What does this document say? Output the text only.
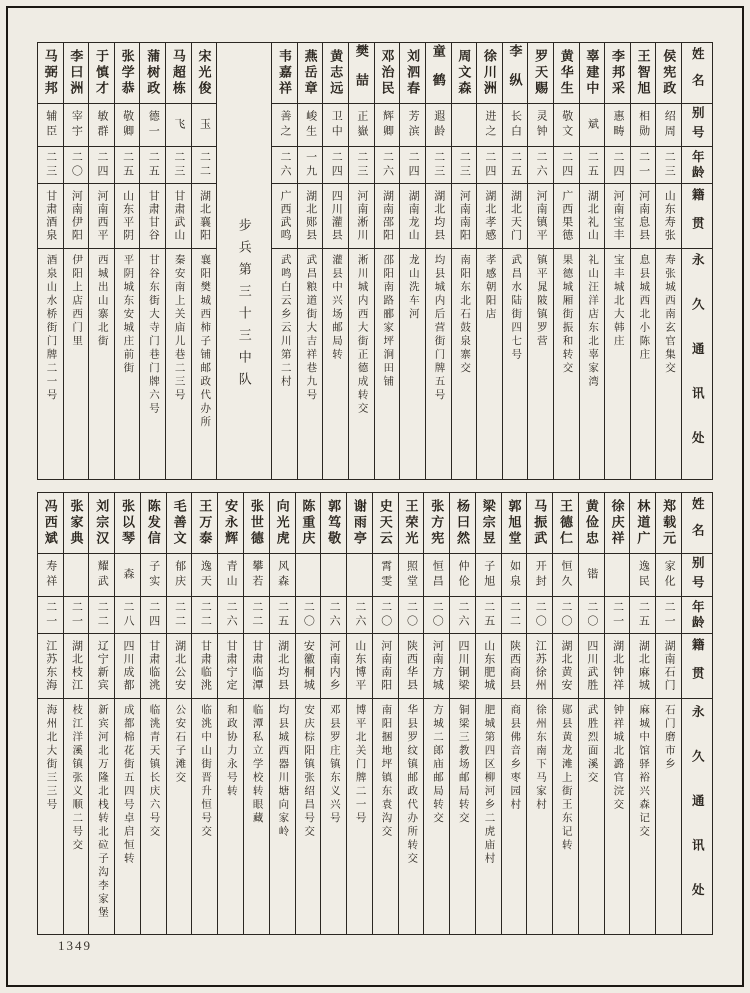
姓名
别号
年龄
籍贯
永久通讯处
侯宪政
绍周
二三
山东寿张
寿张城西南玄官集交
王智旭
相勋
二一
河南息县
息县城西北小陈庄
李邦采
惠畴
二四
河南宝丰
宝丰城北大韩庄
辜建中
斌
二五
湖北礼山
礼山汪洋店东北辜家湾
黄华生
敬文
二四
广西果德
果德城厢街振和转交
罗天赐
灵钟
二六
河南镇平
镇平晁陂镇罗营
李纵
长白
二五
湖北天门
武昌水陆街四七号
徐川洲
进之
二四
湖北孝感
孝感朝阳店
周文森
二三
河南南阳
南阳东北石鼓泉寨交
童鹤
遐龄
二三
湖北均县
均县城内后营街门牌五号
刘泗春
芳滨
二四
湖南龙山
龙山洗车河
邓治民
辉卿
二六
湖南邵阳
邵阳南路郦家坪涧田铺
樊喆
正嶽
二三
河南淅川
淅川城内西大街正德成转交
黄志远
卫中
二四
四川灌县
灌县中兴场邮局转
燕岳章
峻生
一九
湖北郧县
武昌粮道街大吉祥巷九号
韦嘉祥
善之
二六
广西武鸣
武鸣白云乡云川第二村
步兵第三十三中队
宋光俊
玉
二二
湖北襄阳
襄阳樊城西柿子铺邮政代办所
马超栋
飞
二三
甘肃武山
秦安南上关庙儿巷二三号
蒲树政
德一
二五
甘肃甘谷
甘谷东街大寺门巷门牌六号
张学恭
敬卿
二五
山东平阴
平阴城东安城庄前街
于慎才
敏群
二四
河南西平
西城出山寨北街
李曰洲
宰宇
二〇
河南伊阳
伊阳上店西门里
马弼邦
辅臣
二三
甘肃酒泉
酒泉山水桥街门牌二一号
姓名
别号
年龄
籍贯
永久通讯处
郑载元
家化
二一
湖南石门
石门磨市乡
林道广
逸民
二五
湖北麻城
麻城中馆驿裕兴森记交
徐庆祥
二一
湖北钟祥
钟祥城北潞官浣交
黄俭忠
锴
二〇
四川武胜
武胜烈面溪交
王德仁
恒久
二〇
湖北黄安
郧县黄龙滩上街王东记转
马振武
开封
二〇
江苏徐州
徐州东南下马家村
郭旭堂
如泉
二二
陕西商县
商县佛音乡枣园村
梁宗昱
子旭
二五
山东肥城
肥城第四区柳河乡二虎庙村
杨曰然
仲伦
二六
四川铜梁
铜梁三教场邮局转交
张方宪
恒昌
二〇
河南方城
方城二郎庙邮局转交
王荣光
照堂
二〇
陕西华县
华县罗纹镇邮政代办所转交
史天云
霄雯
二〇
河南南阳
南阳捆地坪镇东袁沟交
谢雨亭
二六
山东博平
博平北关门牌二一号
郭笃敬
二六
河南内乡
邓县罗庄镇东义兴号
陈重庆
二〇
安徽桐城
安庆棕阳镇张绍昌号交
向光虎
风森
二五
湖北均县
均县城西器川塘向家岭
张世德
攀若
二二
甘肃临潭
临潭私立学校转眼藏
安永辉
青山
二六
甘肃宁定
和政协力永号转
王万泰
逸天
二二
甘肃临洮
临洮中山街晋升恒号交
毛善文
郁庆
二二
湖北公安
公安石子滩交
陈发信
子实
二四
甘肃临洮
临洮青天镇长庆六号交
张以琴
森
二八
四川成都
成都棉花街五四号卓启恒转
刘宗汉
耀武
二二
辽宁新宾
新宾河北万隆北栈转北砬子沟李家堡
张家典
二一
湖北枝江
枝江洋溪镇张义顺二号交
冯西斌
寿祥
二一
江苏东海
海州北大街三三号
1349
